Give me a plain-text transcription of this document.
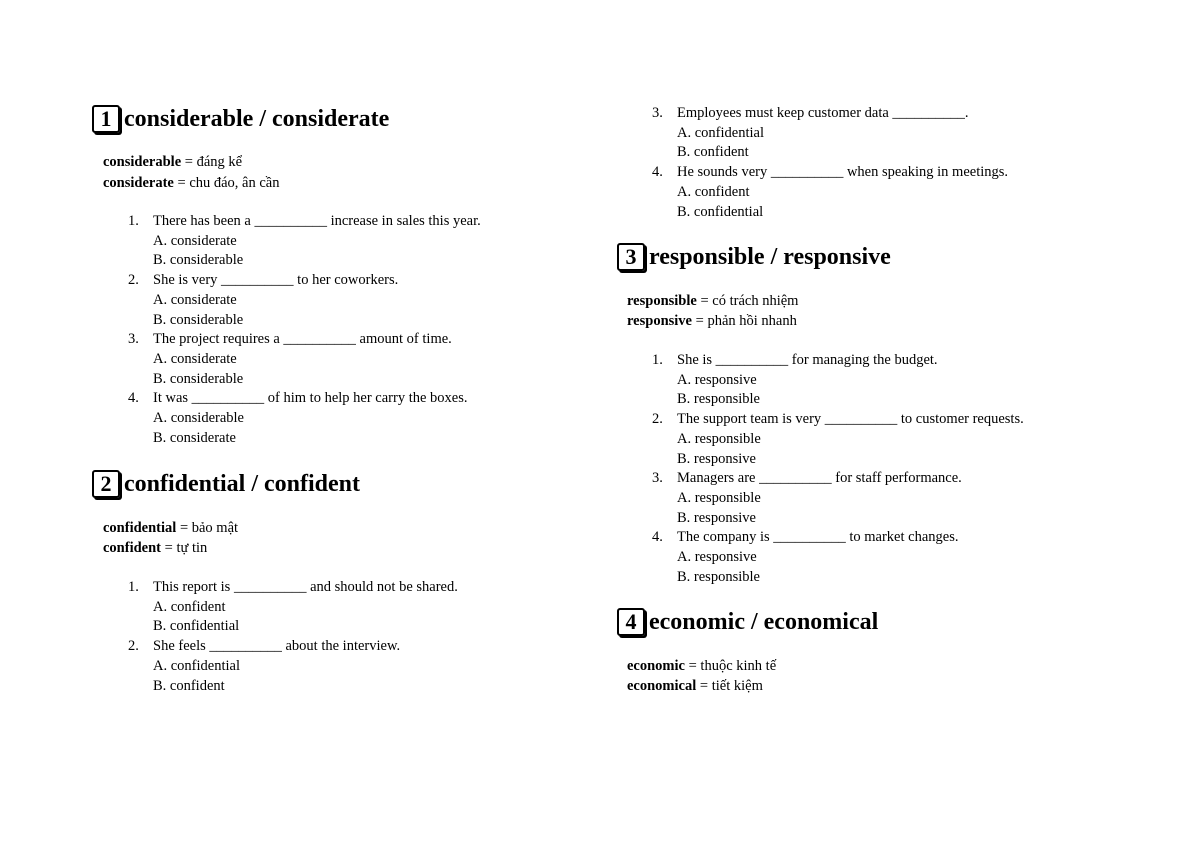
1 considerable / considerate
considerable = đáng kể
considerate = chu đáo, ân cần
1. There has been a __________ increase in sales this year.
A. considerate
B. considerable
2. She is very __________ to her coworkers.
A. considerate
B. considerable
3. The project requires a __________ amount of time.
A. considerate
B. considerable
4. It was __________ of him to help her carry the boxes.
A. considerable
B. considerate
2 confidential / confident
confidential = bảo mật
confident = tự tin
1. This report is __________ and should not be shared.
A. confident
B. confidential
2. She feels __________ about the interview.
A. confidential
B. confident
3. Employees must keep customer data __________.
A. confidential
B. confident
4. He sounds very __________ when speaking in meetings.
A. confident
B. confidential
3 responsible / responsive
responsible = có trách nhiệm
responsive = phản hồi nhanh
1. She is __________ for managing the budget.
A. responsive
B. responsible
2. The support team is very __________ to customer requests.
A. responsible
B. responsive
3. Managers are __________ for staff performance.
A. responsible
B. responsive
4. The company is __________ to market changes.
A. responsive
B. responsible
4 economic / economical
economic = thuộc kinh tế
economical = tiết kiệm
